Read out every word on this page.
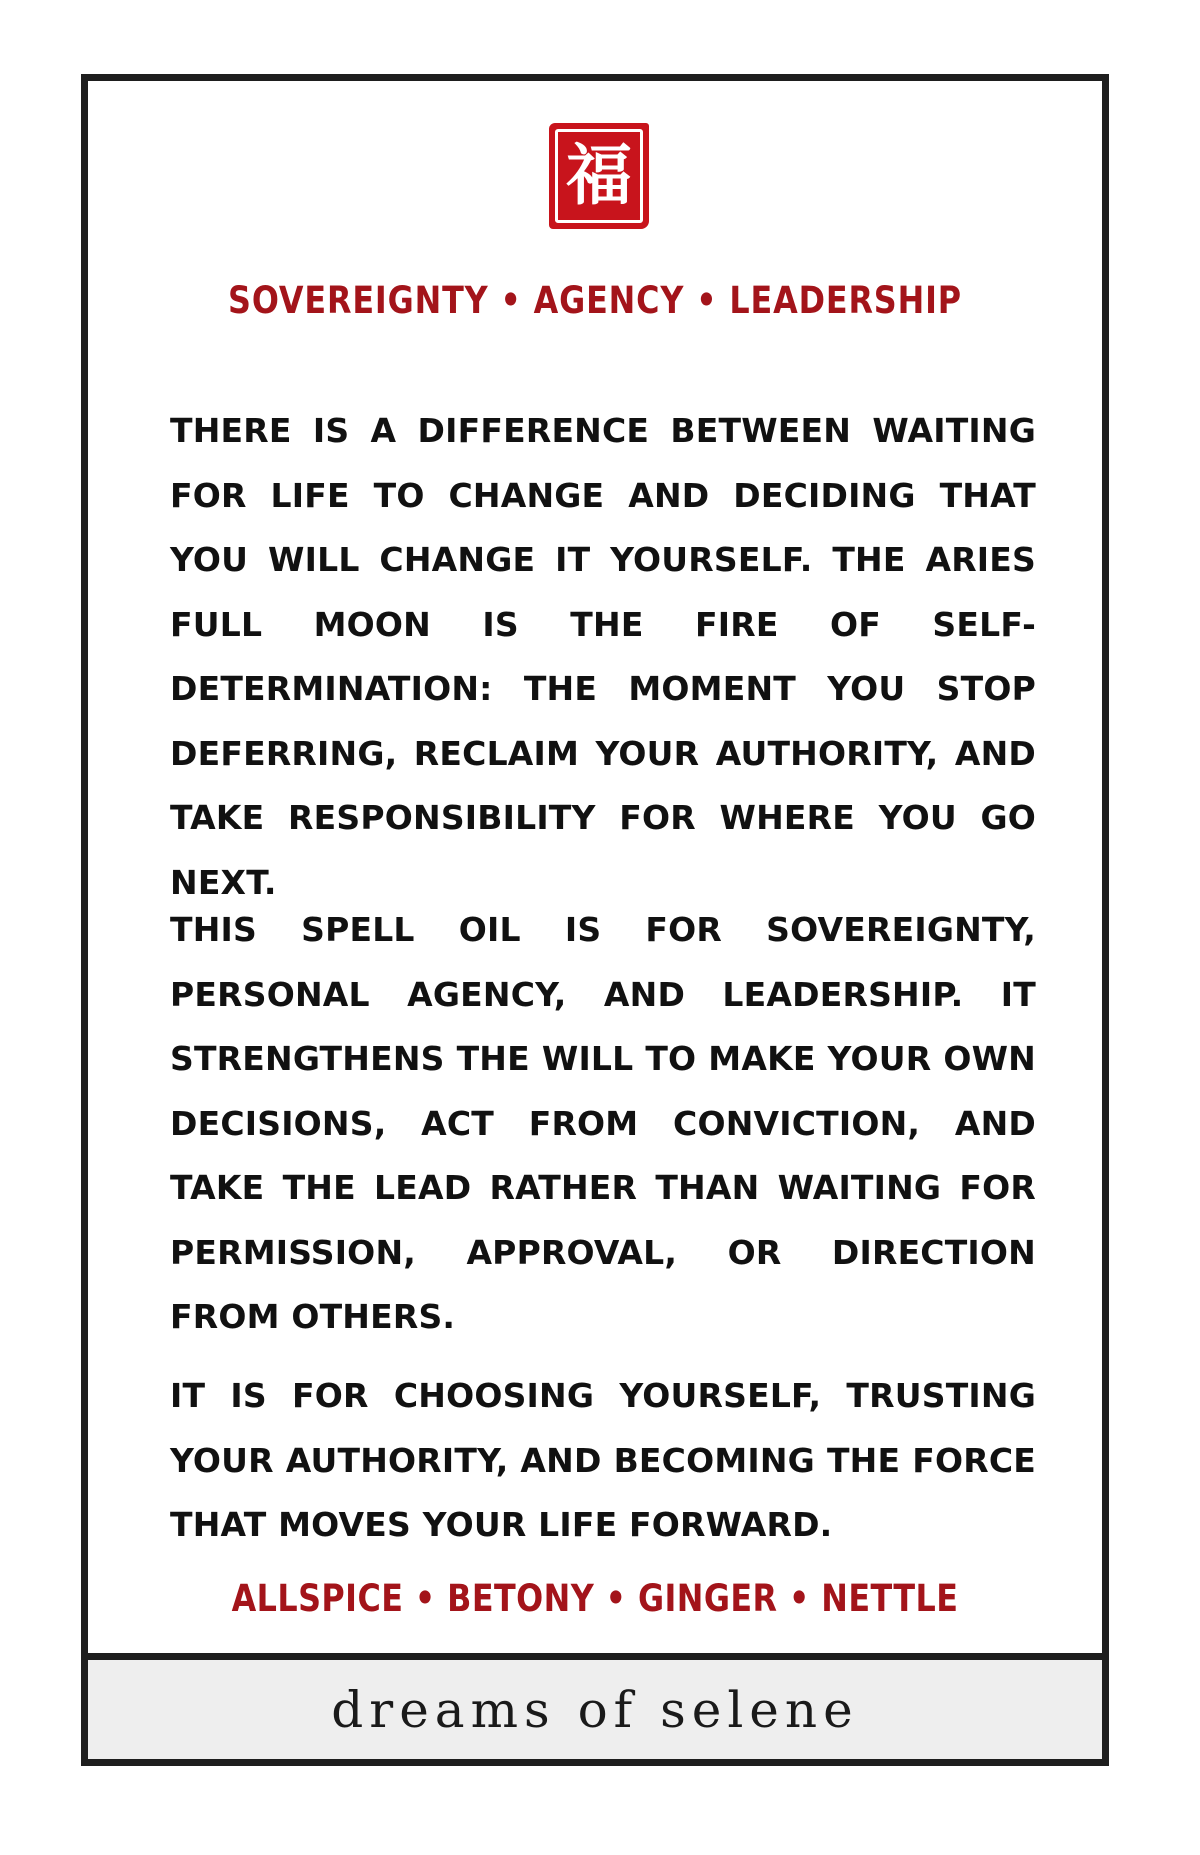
福
SOVEREIGNTY • AGENCY • LEADERSHIP

THERE IS A DIFFERENCE BETWEEN WAITING FOR LIFE TO CHANGE AND DECIDING THAT YOU WILL CHANGE IT YOURSELF. THE ARIES FULL MOON IS THE FIRE OF SELF-DETERMINATION: THE MOMENT YOU STOP DEFERRING, RECLAIM YOUR AUTHORITY, AND TAKE RESPONSIBILITY FOR WHERE YOU GO NEXT.

THIS SPELL OIL IS FOR SOVEREIGNTY, PERSONAL AGENCY, AND LEADERSHIP. IT STRENGTHENS THE WILL TO MAKE YOUR OWN DECISIONS, ACT FROM CONVICTION, AND TAKE THE LEAD RATHER THAN WAITING FOR PERMISSION, APPROVAL, OR DIRECTION FROM OTHERS.

IT IS FOR CHOOSING YOURSELF, TRUSTING YOUR AUTHORITY, AND BECOMING THE FORCE THAT MOVES YOUR LIFE FORWARD.

ALLSPICE • BETONY • GINGER • NETTLE
dreams of selene
